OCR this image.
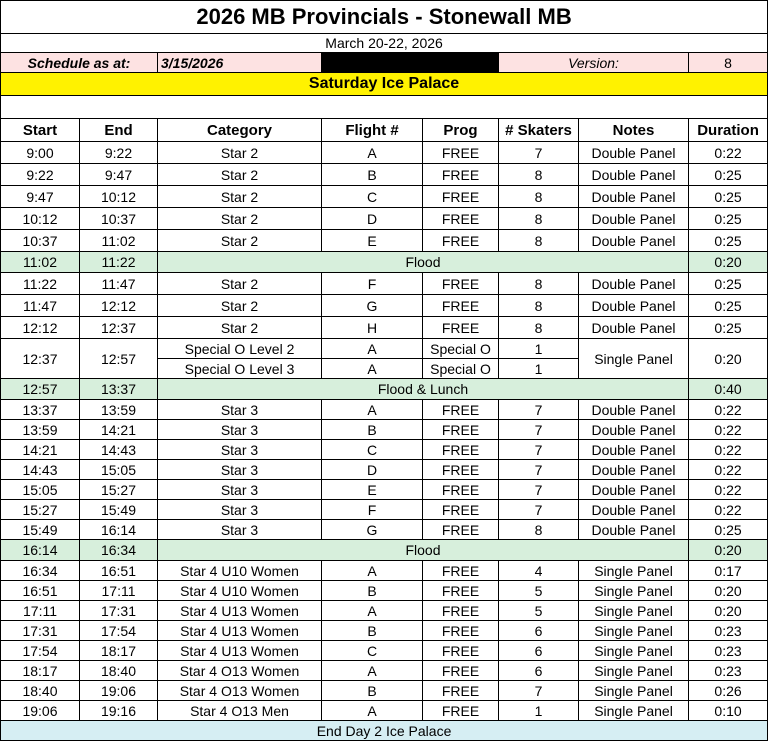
2026 MB Provincials - Stonewall MB							
March 20-22, 2026							
Schedule as at:		3/15/2026			Version:		8
Saturday Ice Palace							

Start	End	Category	Flight #	Prog	# Skaters	Notes	Duration
9:00	9:22	Star 2	A	FREE	7	Double Panel	0:22
9:22	9:47	Star 2	B	FREE	8	Double Panel	0:25
9:47	10:12	Star 2	C	FREE	8	Double Panel	0:25
10:12	10:37	Star 2	D	FREE	8	Double Panel	0:25
10:37	11:02	Star 2	E	FREE	8	Double Panel	0:25
11:02	11:22	Flood					0:20
11:22	11:47	Star 2	F	FREE	8	Double Panel	0:25
11:47	12:12	Star 2	G	FREE	8	Double Panel	0:25
12:12	12:37	Star 2	H	FREE	8	Double Panel	0:25
12:37	12:57	Special O Level 2	A	Special O	1	Single Panel	0:20
		Special O Level 3	A	Special O	1		
12:57	13:37	Flood & Lunch					0:40
13:37	13:59	Star 3	A	FREE	7	Double Panel	0:22
13:59	14:21	Star 3	B	FREE	7	Double Panel	0:22
14:21	14:43	Star 3	C	FREE	7	Double Panel	0:22
14:43	15:05	Star 3	D	FREE	7	Double Panel	0:22
15:05	15:27	Star 3	E	FREE	7	Double Panel	0:22
15:27	15:49	Star 3	F	FREE	7	Double Panel	0:22
15:49	16:14	Star 3	G	FREE	8	Double Panel	0:25
16:14	16:34	Flood					0:20
16:34	16:51	Star 4 U10 Women	A	FREE	4	Single Panel	0:17
16:51	17:11	Star 4 U10 Women	B	FREE	5	Single Panel	0:20
17:11	17:31	Star 4 U13 Women	A	FREE	5	Single Panel	0:20
17:31	17:54	Star 4 U13 Women	B	FREE	6	Single Panel	0:23
17:54	18:17	Star 4 U13 Women	C	FREE	6	Single Panel	0:23
18:17	18:40	Star 4 O13 Women	A	FREE	6	Single Panel	0:23
18:40	19:06	Star 4 O13 Women	B	FREE	7	Single Panel	0:26
19:06	19:16	Star 4 O13 Men	A	FREE	1	Single Panel	0:10
End Day 2 Ice Palace							
